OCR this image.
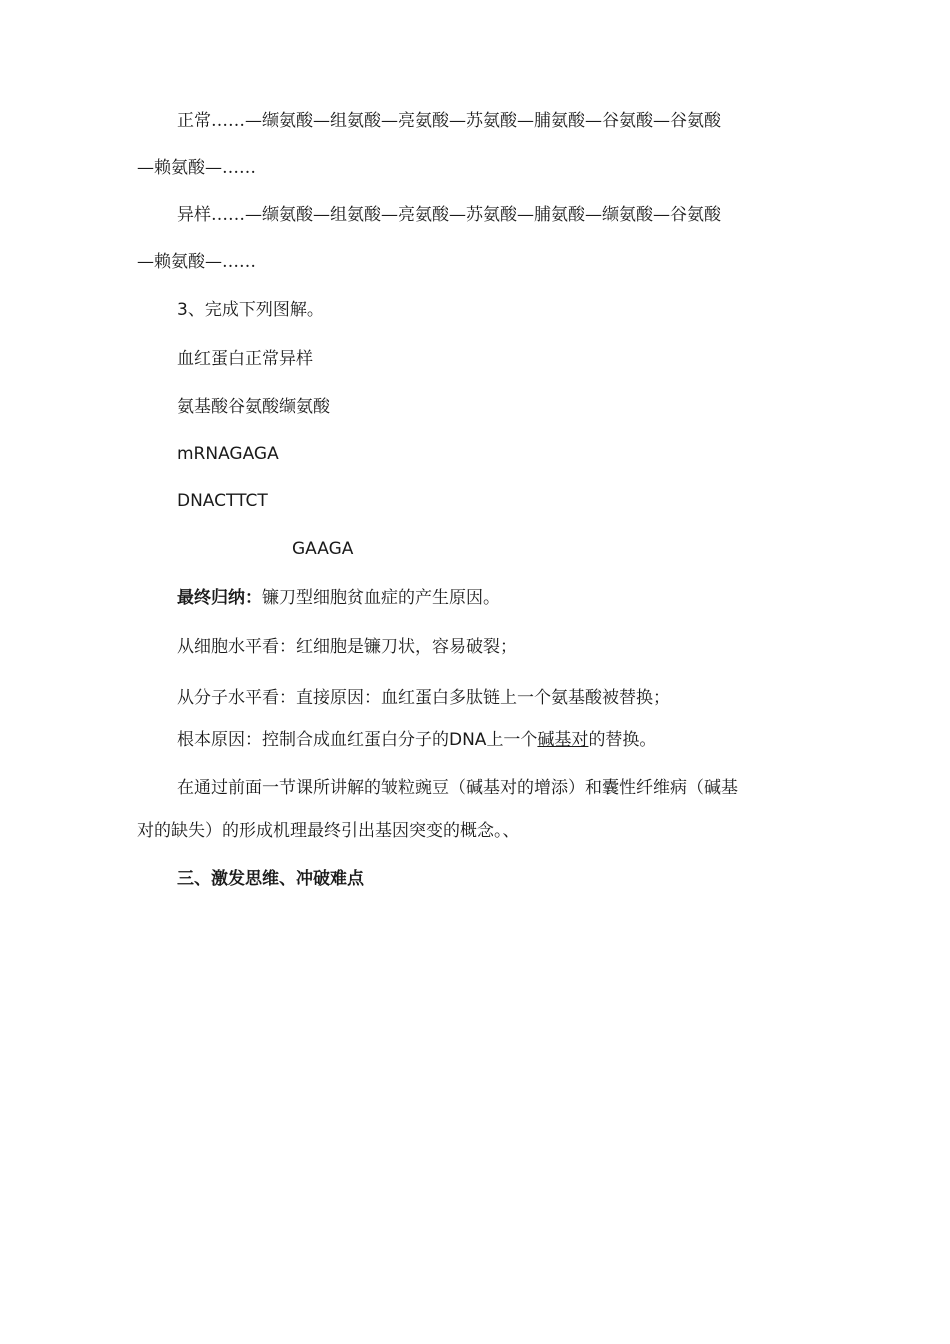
正常……—缬氨酸—组氨酸—亮氨酸—苏氨酸—脯氨酸—谷氨酸—谷氨酸
—赖氨酸—……
异样……—缬氨酸—组氨酸—亮氨酸—苏氨酸—脯氨酸—缬氨酸—谷氨酸
—赖氨酸—……
3、完成下列图解。
血红蛋白正常异样
氨基酸谷氨酸缬氨酸
mRNAGAGA
DNACTTCT
GAAGA
最终归纳：镰刀型细胞贫血症的产生原因。
从细胞水平看：红细胞是镰刀状，容易破裂；
从分子水平看：直接原因：血红蛋白多肽链上一个氨基酸被替换；
根本原因：控制合成血红蛋白分子的DNA上一个碱基对的替换。
在通过前面一节课所讲解的皱粒豌豆（碱基对的增添）和囊性纤维病（碱基
对的缺失）的形成机理最终引出基因突变的概念。、
三、激发思维、冲破难点
